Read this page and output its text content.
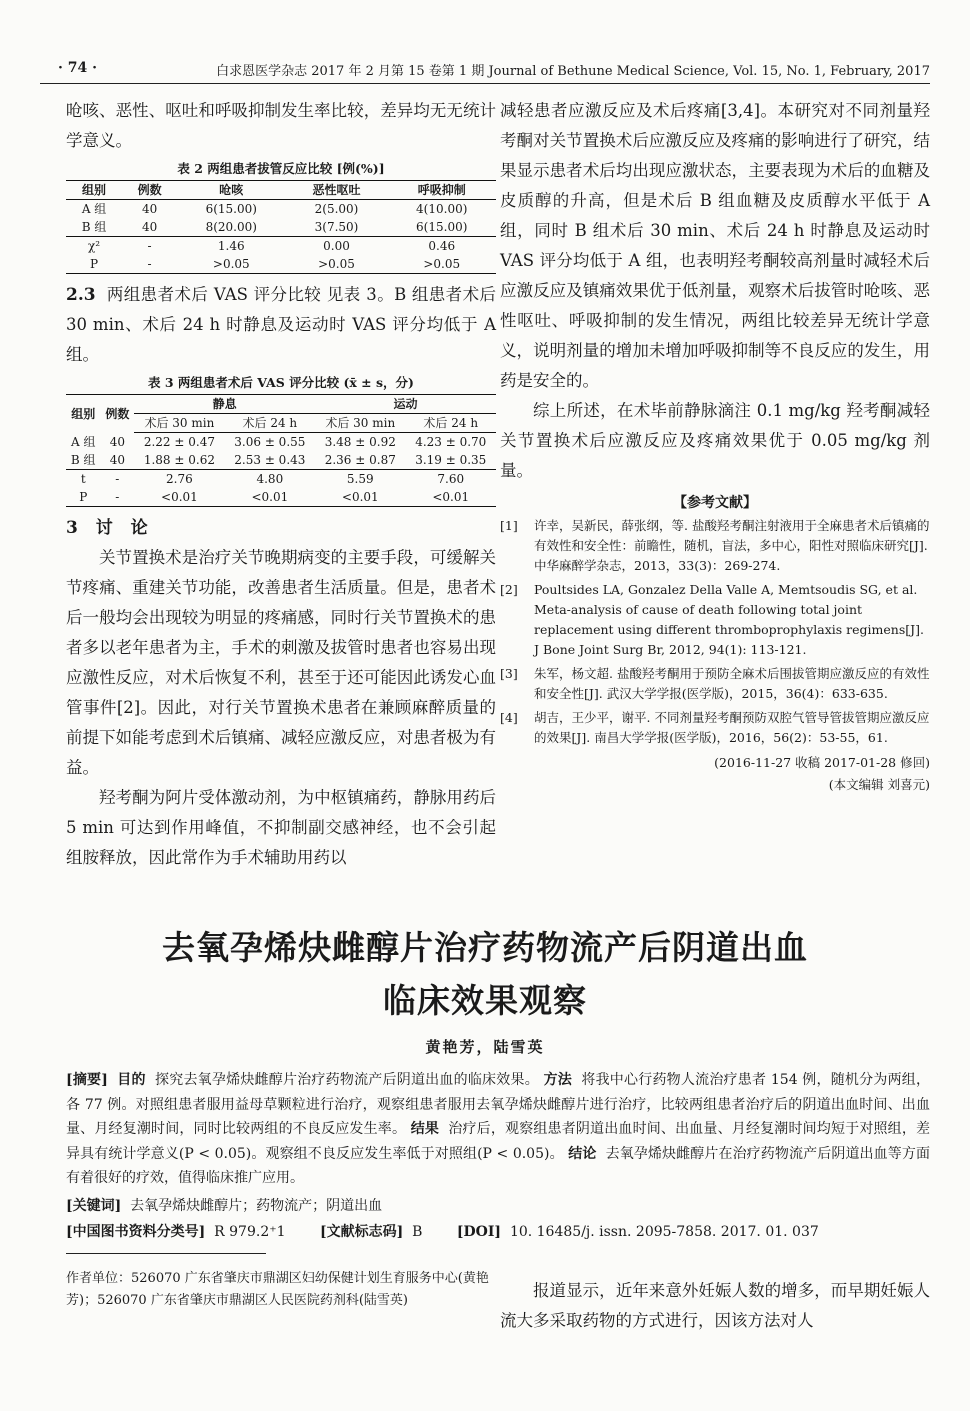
· 74 ·	白求恩医学杂志 2017 年 2 月第 15 卷第 1 期 Journal of Bethune Medical Science, Vol. 15, No. 1, February, 2017

呛咳、恶性、呕吐和呼吸抑制发生率比较，差异均无无统计学意义。

表 2 两组患者拔管反应比较 [例(%)]
组别	例数	呛咳	恶性呕吐	呼吸抑制
A 组	40	6(15.00)	2(5.00)	4(10.00)
B 组	40	8(20.00)	3(7.50)	6(15.00)
χ²	-	1.46	0.00	0.46
P	-	>0.05	>0.05	>0.05

2.3 两组患者术后 VAS 评分比较 见表 3。B 组患者术后 30 min、术后 24 h 时静息及运动时 VAS 评分均低于 A 组。

表 3 两组患者术后 VAS 评分比较 (x̄ ± s，分)
组别	例数	静息		运动	
		术后 30 min	术后 24 h	术后 30 min	术后 24 h
A 组	40	2.22 ± 0.47	3.06 ± 0.55	3.48 ± 0.92	4.23 ± 0.70
B 组	40	1.88 ± 0.62	2.53 ± 0.43	2.36 ± 0.87	3.19 ± 0.35
t	-	2.76	4.80	5.59	7.60
P	-	<0.01	<0.01	<0.01	<0.01

3 讨 论

关节置换术是治疗关节晚期病变的主要手段，可缓解关节疼痛、重建关节功能，改善患者生活质量。但是，患者术后一般均会出现较为明显的疼痛感，同时行关节置换术的患者多以老年患者为主，手术的刺激及拔管时患者也容易出现应激性反应，对术后恢复不利，甚至于还可能因此诱发心血管事件[2]。因此，对行关节置换术患者在兼顾麻醉质量的前提下如能考虑到术后镇痛、减轻应激反应，对患者极为有益。

羟考酮为阿片受体激动剂，为中枢镇痛药，静脉用药后 5 min 可达到作用峰值，不抑制副交感神经，也不会引起组胺释放，因此常作为手术辅助用药以

减轻患者应激反应及术后疼痛[3,4]。本研究对不同剂量羟考酮对关节置换术后应激反应及疼痛的影响进行了研究，结果显示患者术后均出现应激状态，主要表现为术后的血糖及皮质醇的升高，但是术后 B 组血糖及皮质醇水平低于 A 组，同时 B 组术后 30 min、术后 24 h 时静息及运动时 VAS 评分均低于 A 组，也表明羟考酮较高剂量时减轻术后应激反应及镇痛效果优于低剂量，观察术后拔管时呛咳、恶性呕吐、呼吸抑制的发生情况，两组比较差异无统计学意义，说明剂量的增加未增加呼吸抑制等不良反应的发生，用药是安全的。

综上所述，在术毕前静脉滴注 0.1 mg/kg 羟考酮减轻关节置换术后应激反应及疼痛效果优于 0.05 mg/kg 剂量。

【参考文献】
[1]	许幸，吴新民，薛张纲，等. 盐酸羟考酮注射液用于全麻患者术后镇痛的有效性和安全性：前瞻性，随机，盲法，多中心，阳性对照临床研究[J]. 中华麻醉学杂志，2013，33(3)：269-274.
[2]	Poultsides LA, Gonzalez Della Valle A, Memtsoudis SG, et al. Meta-analysis of cause of death following total joint replacement using different thromboprophylaxis regimens[J]. J Bone Joint Surg Br, 2012, 94(1): 113-121.
[3]	朱军，杨文超. 盐酸羟考酮用于预防全麻术后围拔管期应激反应的有效性和安全性[J]. 武汉大学学报(医学版)，2015，36(4)：633-635.
[4]	胡吉，王少平，谢平. 不同剂量羟考酮预防双腔气管导管拔管期应激反应的效果[J]. 南昌大学学报(医学版)，2016，56(2)：53-55，61.
(2016-11-27 收稿 2017-01-28 修回)
(本文编辑 刘喜元)
去氧孕烯炔雌醇片治疗药物流产后阴道出血
临床效果观察
黄艳芳，陆雪英
[摘要] 目的 探究去氧孕烯炔雌醇片治疗药物流产后阴道出血的临床效果。 方法 将我中心行药物人流治疗患者 154 例，随机分为两组，各 77 例。对照组患者服用益母草颗粒进行治疗，观察组患者服用去氧孕烯炔雌醇片进行治疗，比较两组患者治疗后的阴道出血时间、出血量、月经复潮时间，同时比较两组的不良反应发生率。 结果 治疗后，观察组患者阴道出血时间、出血量、月经复潮时间均短于对照组，差异具有统计学意义(P < 0.05)。观察组不良反应发生率低于对照组(P < 0.05)。 结论 去氧孕烯炔雌醇片在治疗药物流产后阴道出血等方面有着很好的疗效，值得临床推广应用。
[关键词] 去氧孕烯炔雌醇片；药物流产；阴道出血
[中国图书资料分类号] R 979.2⁺1 [文献标志码] B [DOI] 10. 16485/j. issn. 2095-7858. 2017. 01. 037
作者单位：526070 广东省肇庆市鼎湖区妇幼保健计划生育服务中心(黄艳芳)；526070 广东省肇庆市鼎湖区人民医院药剂科(陆雪英)

报道显示，近年来意外妊娠人数的增多，而早期妊娠人流大多采取药物的方式进行，因该方法对人
